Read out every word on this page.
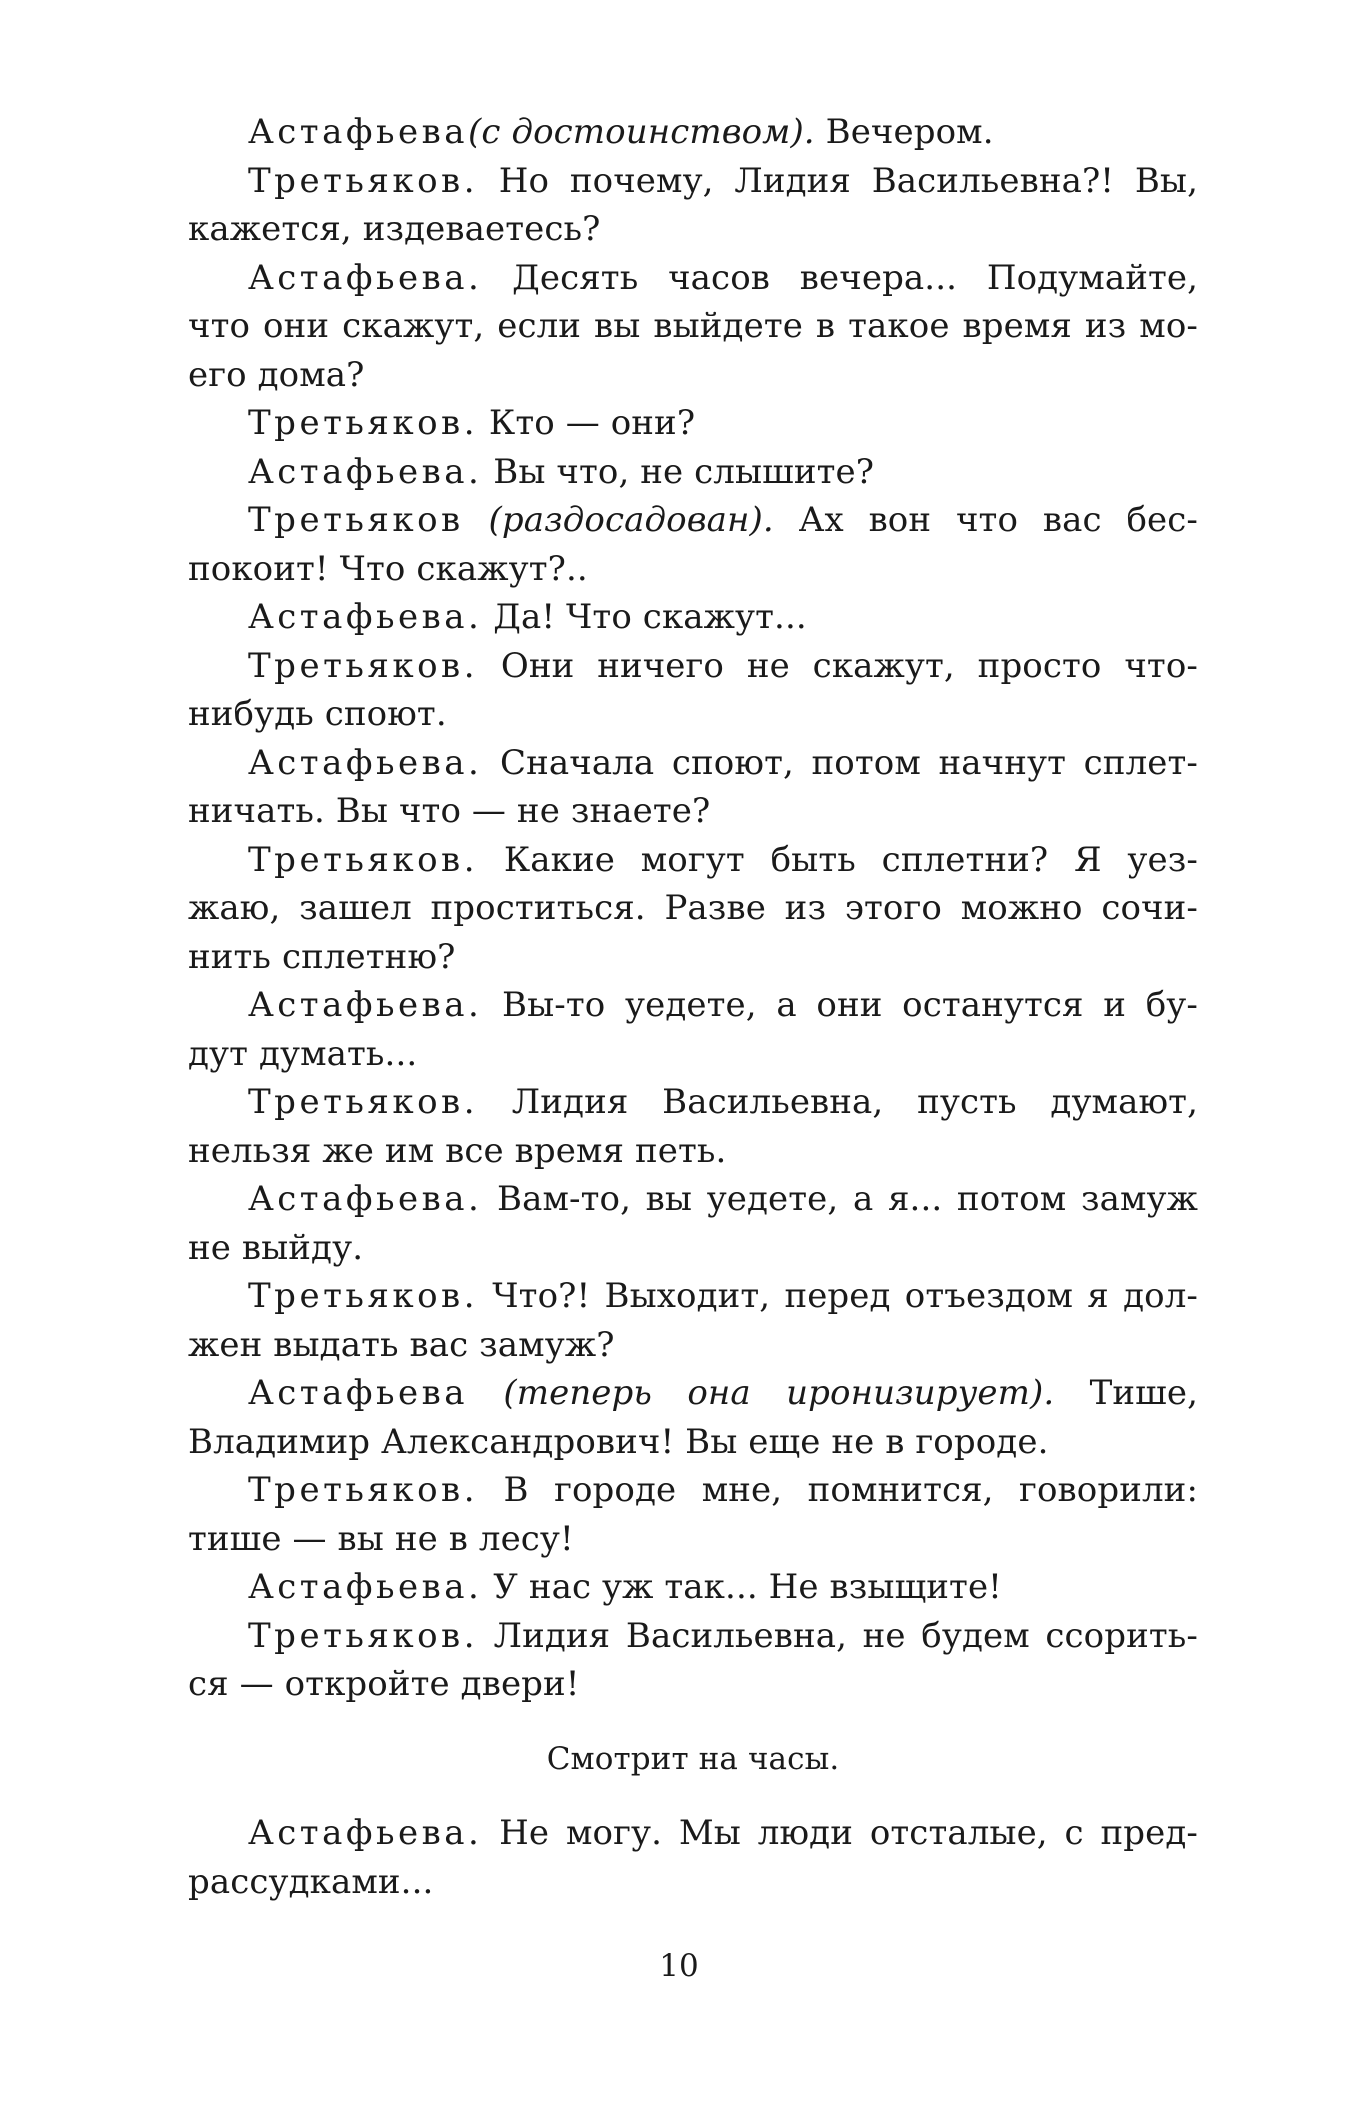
Астафьева(с достоинством). Вечером.
Третьяков. Но почему, Лидия Васильевна?! Вы,
кажется, издеваетесь?
Астафьева. Десять часов вечера... Подумайте,
что они скажут, если вы выйдете в такое время из мо-
его дома?
Третьяков. Кто — они?
Астафьева. Вы что, не слышите?
Третьяков (раздосадован). Ах вон что вас бес-
покоит! Что скажут?..
Астафьева. Да! Что скажут...
Третьяков. Они ничего не скажут, просто что-
нибудь споют.
Астафьева. Сначала споют, потом начнут сплет-
ничать. Вы что — не знаете?
Третьяков. Какие могут быть сплетни? Я уез-
жаю, зашел проститься. Разве из этого можно сочи-
нить сплетню?
Астафьева. Вы-то уедете, а они останутся и бу-
дут думать...
Третьяков. Лидия Васильевна, пусть думают,
нельзя же им все время петь.
Астафьева. Вам-то, вы уедете, а я... потом замуж
не выйду.
Третьяков. Что?! Выходит, перед отъездом я дол-
жен выдать вас замуж?
Астафьева (теперь она иронизирует). Тише,
Владимир Александрович! Вы еще не в городе.
Третьяков. В городе мне, помнится, говорили:
тише — вы не в лесу!
Астафьева. У нас уж так... Не взыщите!
Третьяков. Лидия Васильевна, не будем ссорить-
ся — откройте двери!
Смотрит на часы.
Астафьева. Не могу. Мы люди отсталые, с пред-
рассудками...
10
